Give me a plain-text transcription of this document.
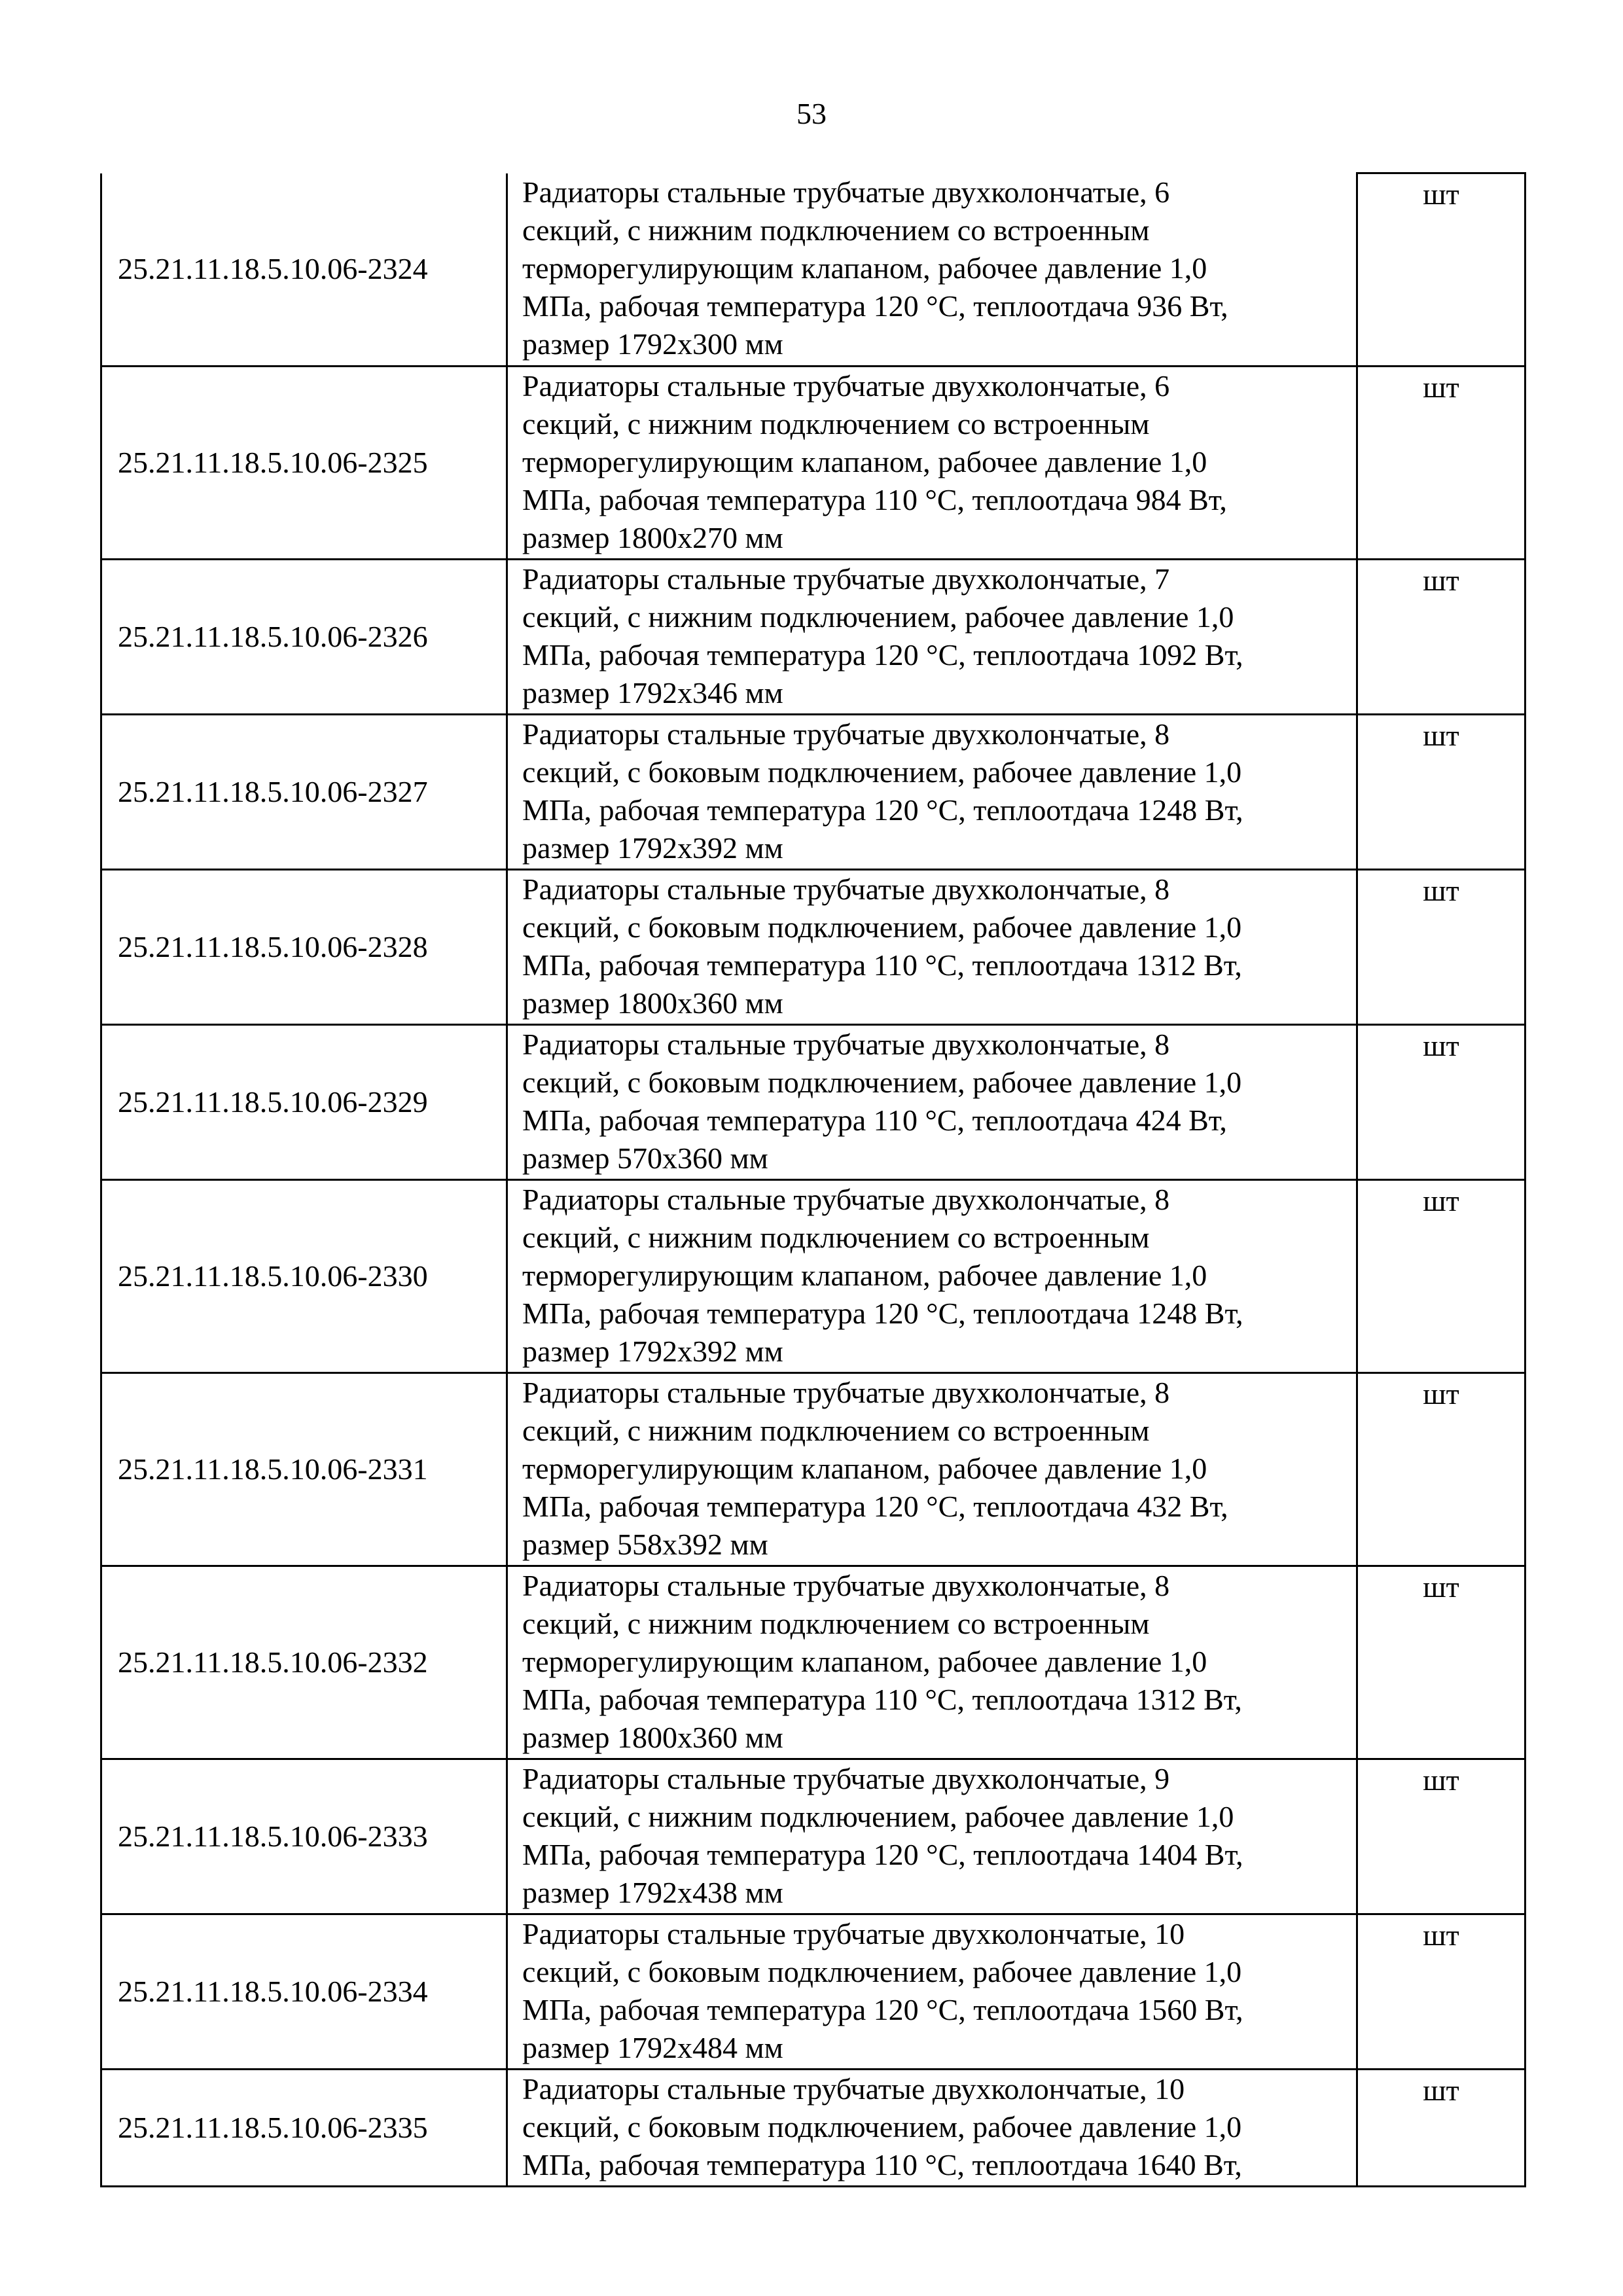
53
25.21.11.18.5.10.06-2324	Радиаторы стальные трубчатые двухколончатые, 6
секций, с нижним подключением со встроенным
терморегулирующим клапаном, рабочее давление 1,0
МПа, рабочая температура 120 °С, теплоотдача 936 Вт,
размер 1792х300 мм	шт
25.21.11.18.5.10.06-2325	Радиаторы стальные трубчатые двухколончатые, 6
секций, с нижним подключением со встроенным
терморегулирующим клапаном, рабочее давление 1,0
МПа, рабочая температура 110 °С, теплоотдача 984 Вт,
размер 1800х270 мм	шт
25.21.11.18.5.10.06-2326	Радиаторы стальные трубчатые двухколончатые, 7
секций, с нижним подключением, рабочее давление 1,0
МПа, рабочая температура 120 °С, теплоотдача 1092 Вт,
размер 1792х346 мм	шт
25.21.11.18.5.10.06-2327	Радиаторы стальные трубчатые двухколончатые, 8
секций, с боковым подключением, рабочее давление 1,0
МПа, рабочая температура 120 °С, теплоотдача 1248 Вт,
размер 1792х392 мм	шт
25.21.11.18.5.10.06-2328	Радиаторы стальные трубчатые двухколончатые, 8
секций, с боковым подключением, рабочее давление 1,0
МПа, рабочая температура 110 °С, теплоотдача 1312 Вт,
размер 1800х360 мм	шт
25.21.11.18.5.10.06-2329	Радиаторы стальные трубчатые двухколончатые, 8
секций, с боковым подключением, рабочее давление 1,0
МПа, рабочая температура 110 °С, теплоотдача 424 Вт,
размер 570х360 мм	шт
25.21.11.18.5.10.06-2330	Радиаторы стальные трубчатые двухколончатые, 8
секций, с нижним подключением со встроенным
терморегулирующим клапаном, рабочее давление 1,0
МПа, рабочая температура 120 °С, теплоотдача 1248 Вт,
размер 1792х392 мм	шт
25.21.11.18.5.10.06-2331	Радиаторы стальные трубчатые двухколончатые, 8
секций, с нижним подключением со встроенным
терморегулирующим клапаном, рабочее давление 1,0
МПа, рабочая температура 120 °С, теплоотдача 432 Вт,
размер 558х392 мм	шт
25.21.11.18.5.10.06-2332	Радиаторы стальные трубчатые двухколончатые, 8
секций, с нижним подключением со встроенным
терморегулирующим клапаном, рабочее давление 1,0
МПа, рабочая температура 110 °С, теплоотдача 1312 Вт,
размер 1800х360 мм	шт
25.21.11.18.5.10.06-2333	Радиаторы стальные трубчатые двухколончатые, 9
секций, с нижним подключением, рабочее давление 1,0
МПа, рабочая температура 120 °С, теплоотдача 1404 Вт,
размер 1792х438 мм	шт
25.21.11.18.5.10.06-2334	Радиаторы стальные трубчатые двухколончатые, 10
секций, с боковым подключением, рабочее давление 1,0
МПа, рабочая температура 120 °С, теплоотдача 1560 Вт,
размер 1792х484 мм	шт
25.21.11.18.5.10.06-2335	Радиаторы стальные трубчатые двухколончатые, 10
секций, с боковым подключением, рабочее давление 1,0
МПа, рабочая температура 110 °С, теплоотдача 1640 Вт,	шт
